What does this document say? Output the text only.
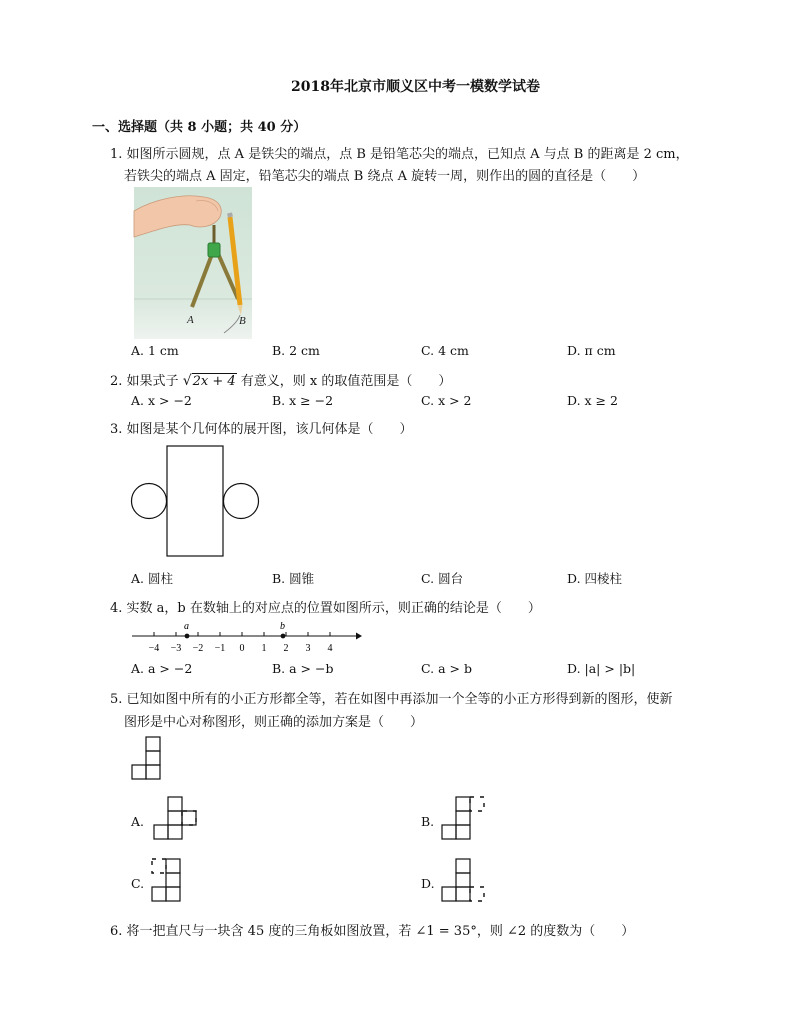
2018年北京市顺义区中考一模数学试卷
一、选择题（共 8 小题；共 40 分）
1. 如图所示圆规，点 A 是铁尖的端点，点 B 是铅笔芯尖的端点，已知点 A 与点 B 的距离是 2 cm，
若铁尖的端点 A 固定，铅笔芯尖的端点 B 绕点 A 旋转一周，则作出的圆的直径是（　　）
A	B
A. 1 cm	B. 2 cm	C. 4 cm	D. π cm
2. 如果式子 √2x + 4 有意义，则 x 的取值范围是（　　）
A. x > −2	B. x ≥ −2	C. x > 2	D. x ≥ 2
3. 如图是某个几何体的展开图，该几何体是（　　）
A. 圆柱	B. 圆锥	C. 圆台	D. 四棱柱
4. 实数 a，b 在数轴上的对应点的位置如图所示，则正确的结论是（　　）
−4 −3 −2 −1 0 1 2 3 4
a	b
A. a > −2	B. a > −b	C. a > b	D. |a| > |b|
5. 已知如图中所有的小正方形都全等，若在如图中再添加一个全等的小正方形得到新的图形，使新
图形是中心对称图形，则正确的添加方案是（　　）
A.	B.
C.	D.
6. 将一把直尺与一块含 45 度的三角板如图放置，若 ∠1 = 35°，则 ∠2 的度数为（　　）
